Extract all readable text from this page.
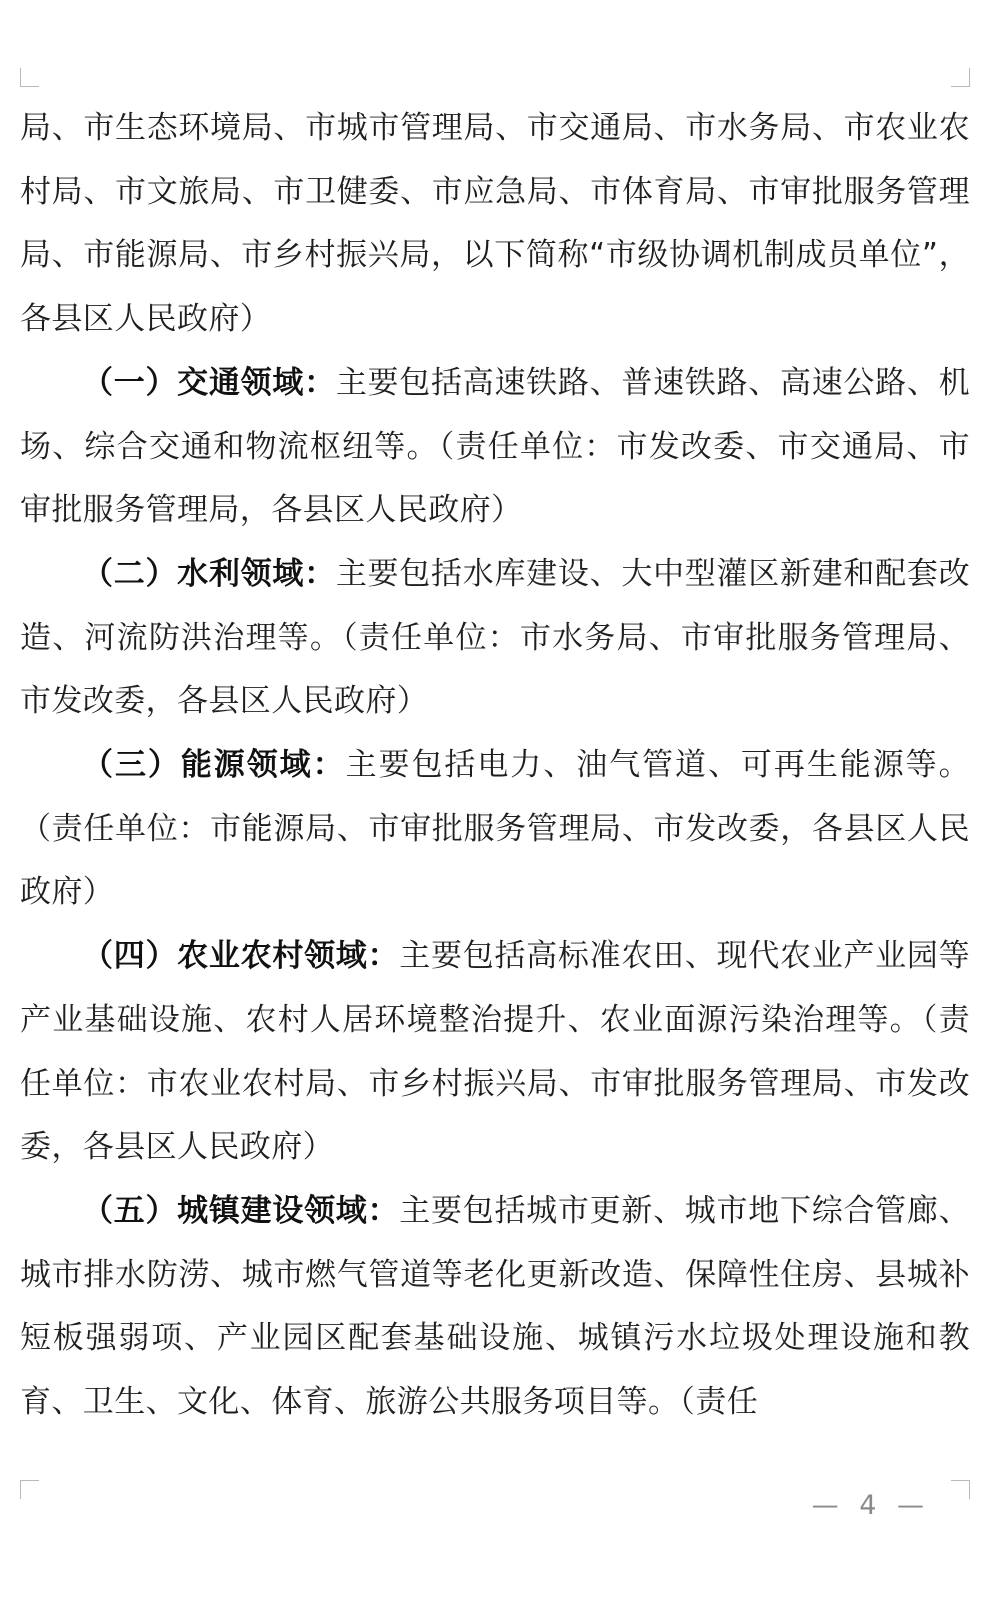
局、市生态环境局、市城市管理局、市交通局、市水务局、市农业农村局、市文旅局、市卫健委、市应急局、市体育局、市审批服务管理局、市能源局、市乡村振兴局，以下简称“市级协调机制成员单位”，各县区人民政府）

（一）交通领域：主要包括高速铁路、普速铁路、高速公路、机场、综合交通和物流枢纽等。（责任单位：市发改委、市交通局、市审批服务管理局，各县区人民政府）

（二）水利领域：主要包括水库建设、大中型灌区新建和配套改造、河流防洪治理等。（责任单位：市水务局、市审批服务管理局、市发改委，各县区人民政府）

（三）能源领域：主要包括电力、油气管道、可再生能源等。（责任单位：市能源局、市审批服务管理局、市发改委，各县区人民政府）

（四）农业农村领域：主要包括高标准农田、现代农业产业园等产业基础设施、农村人居环境整治提升、农业面源污染治理等。（责任单位：市农业农村局、市乡村振兴局、市审批服务管理局、市发改委，各县区人民政府）

（五）城镇建设领域：主要包括城市更新、城市地下综合管廊、城市排水防涝、城市燃气管道等老化更新改造、保障性住房、县城补短板强弱项、产业园区配套基础设施、城镇污水垃圾处理设施和教育、卫生、文化、体育、旅游公共服务项目等。（责任

— 4 —
